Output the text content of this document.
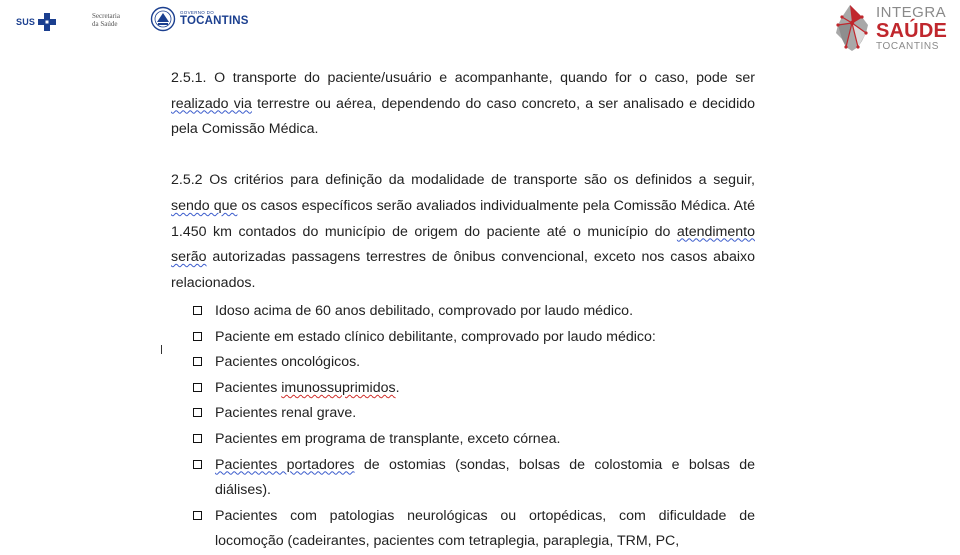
SUS
Secretaria
da Saúde
GOVERNO DO
TOCANTINS	INTEGRA
SAÚDE
TOCANTINS

2.5.1. O transporte do paciente/usuário e acompanhante, quando for o caso, pode ser realizado via terrestre ou aérea, dependendo do caso concreto, a ser analisado e decidido pela Comissão Médica.

2.5.2 Os critérios para definição da modalidade de transporte são os definidos a seguir, sendo que os casos específicos serão avaliados individualmente pela Comissão Médica. Até 1.450 km contados do município de origem do paciente até o município do atendimento serão autorizadas passagens terrestres de ônibus convencional, exceto nos casos abaixo relacionados.

Idoso acima de 60 anos debilitado, comprovado por laudo médico.
Paciente em estado clínico debilitante, comprovado por laudo médico:
Pacientes oncológicos.
Pacientes imunossuprimidos.
Pacientes renal grave.
Pacientes em programa de transplante, exceto córnea.
Pacientes portadores de ostomias (sondas, bolsas de colostomia e bolsas de diálises).
Pacientes com patologias neurológicas ou ortopédicas, com dificuldade de locomoção (cadeirantes, pacientes com tetraplegia, paraplegia, TRM, PC,
